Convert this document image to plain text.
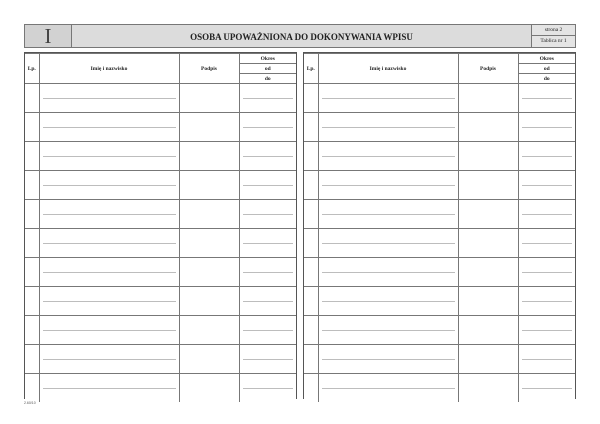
I	OSOBA UPOWAŻNIONA DO DOKONYWANIA WPISU
strona 2
Tablica nr 1
Lp.	Imię i nazwisko	Podpis	Okres
			od
			do

Lp.	Imię i nazwisko	Podpis	Okres
			od
			do

2.60/10
